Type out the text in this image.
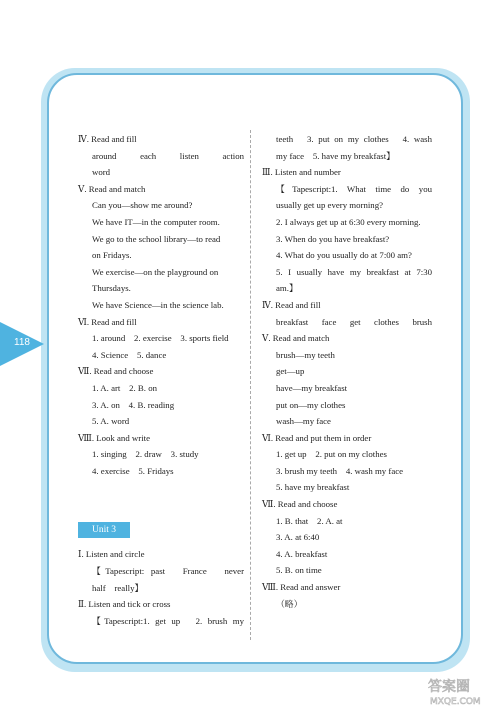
118
Ⅳ. Read and fill
around　each　listen　action
word
Ⅴ. Read and match
Can you—show me around?
We have IT—in the computer room.
We go to the school library—to read
on Fridays.
We exercise—on the playground on
Thursdays.
We have Science—in the science lab.
Ⅵ. Read and fill
1. around　2. exercise　3. sports field
4. Science　5. dance
Ⅶ. Read and choose
1. A. art　2. B. on
3. A. on　4. B. reading
5. A. word
Ⅷ. Look and write
1. singing　2. draw　3. study
4. exercise　5. Fridays
Unit 3
Ⅰ. Listen and circle
【Tapescript: past　France　never
half　really】
Ⅱ. Listen and tick or cross
【Tapescript:1. get up　2. brush my
teeth　3. put on my clothes　4. wash
my face　5. have my breakfast】
Ⅲ. Listen and number
【Tapescript:1. What time do you
usually get up every morning?
2. I always get up at 6:30 every morning.
3. When do you have breakfast?
4. What do you usually do at 7:00 am?
5. I usually have my breakfast at 7:30
am.】
Ⅳ. Read and fill
breakfast　face　get　clothes　brush
Ⅴ. Read and match
brush—my teeth
get—up
have—my breakfast
put on—my clothes
wash—my face
Ⅵ. Read and put them in order
1. get up　2. put on my clothes
3. brush my teeth　4. wash my face
5. have my breakfast
Ⅶ. Read and choose
1. B. that　2. A. at
3. A. at 6:40
4. A. breakfast
5. B. on time
Ⅷ. Read and answer
（略）
答案圈
MXQE.COM
